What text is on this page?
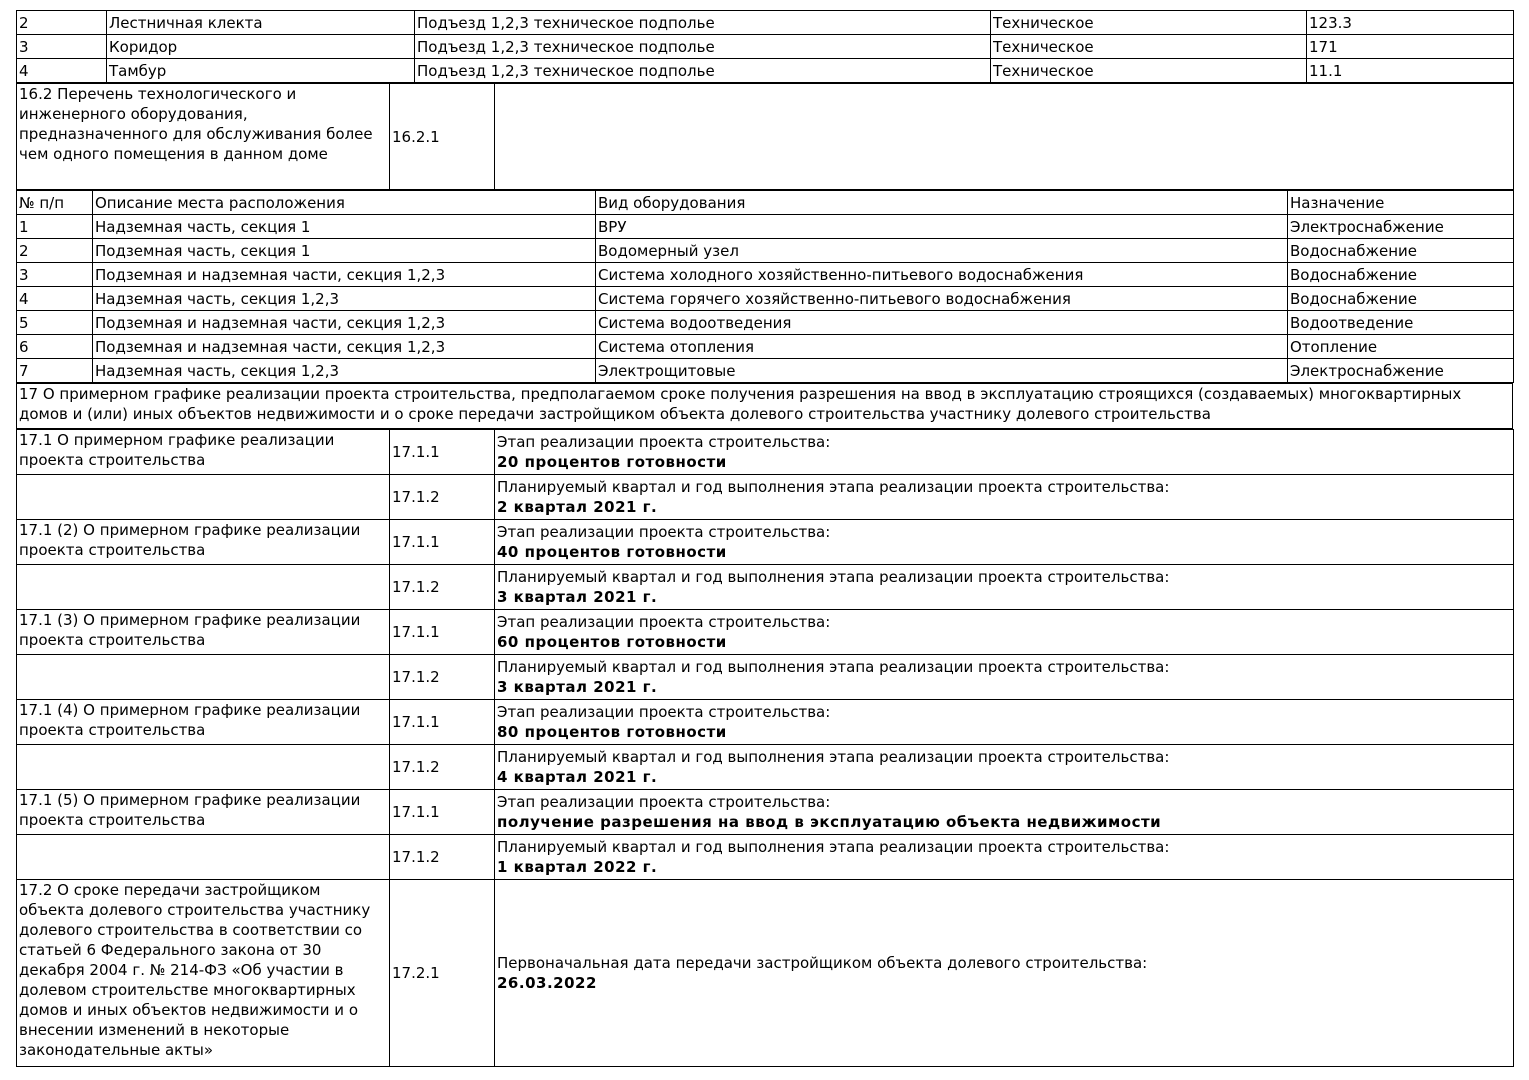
2	Лестничная клекта	Подъезд 1,2,3 техническое подполье	Техническое	123.3
3	Коридор	Подъезд 1,2,3 техническое подполье	Техническое	171
4	Тамбур	Подъезд 1,2,3 техническое подполье	Техническое	11.1
16.2 Перечень технологического и инженерного оборудования, предназначенного для обслуживания более чем одного помещения в данном доме	16.2.1	
№ п/п	Описание места расположения	Вид оборудования	Назначение
1	Надземная часть, секция 1	ВРУ	Электроснабжение
2	Подземная часть, секция 1	Водомерный узел	Водоснабжение
3	Подземная и надземная части, секция 1,2,3	Система холодного хозяйственно-питьевого водоснабжения	Водоснабжение
4	Надземная часть, секция 1,2,3	Система горячего хозяйственно-питьевого водоснабжения	Водоснабжение
5	Подземная и надземная части, секция 1,2,3	Система водоотведения	Водоотведение
6	Подземная и надземная части, секция 1,2,3	Система отопления	Отопление
7	Надземная часть, секция 1,2,3	Электрощитовые	Электроснабжение
17 О примерном графике реализации проекта строительства, предполагаемом сроке получения разрешения на ввод в эксплуатацию строящихся (создаваемых) многоквартирных домов и (или) иных объектов недвижимости и о сроке передачи застройщиком объекта долевого строительства участнику долевого строительства
17.1 О примерном графике реализации проекта строительства	17.1.1	Этап реализации проекта строительства:
20 процентов готовности

	17.1.2	Планируемый квартал и год выполнения этапа реализации проекта строительства:
2 квартал 2021 г.

17.1 (2) О примерном графике реализации проекта строительства	17.1.1	Этап реализации проекта строительства:
40 процентов готовности

	17.1.2	Планируемый квартал и год выполнения этапа реализации проекта строительства:
3 квартал 2021 г.

17.1 (3) О примерном графике реализации проекта строительства	17.1.1	Этап реализации проекта строительства:
60 процентов готовности

	17.1.2	Планируемый квартал и год выполнения этапа реализации проекта строительства:
3 квартал 2021 г.

17.1 (4) О примерном графике реализации проекта строительства	17.1.1	Этап реализации проекта строительства:
80 процентов готовности

	17.1.2	Планируемый квартал и год выполнения этапа реализации проекта строительства:
4 квартал 2021 г.

17.1 (5) О примерном графике реализации проекта строительства	17.1.1	Этап реализации проекта строительства:
получение разрешения на ввод в эксплуатацию объекта недвижимости

	17.1.2	Планируемый квартал и год выполнения этапа реализации проекта строительства:
1 квартал 2022 г.

17.2 О сроке передачи застройщиком объекта долевого строительства участнику долевого строительства в соответствии со статьей 6 Федерального закона от 30 декабря 2004 г. № 214-ФЗ «Об участии в долевом строительстве многоквартирных домов и иных объектов недвижимости и о внесении изменений в некоторые законодательные акты»	17.2.1	Первоначальная дата передачи застройщиком объекта долевого строительства:
26.03.2022
